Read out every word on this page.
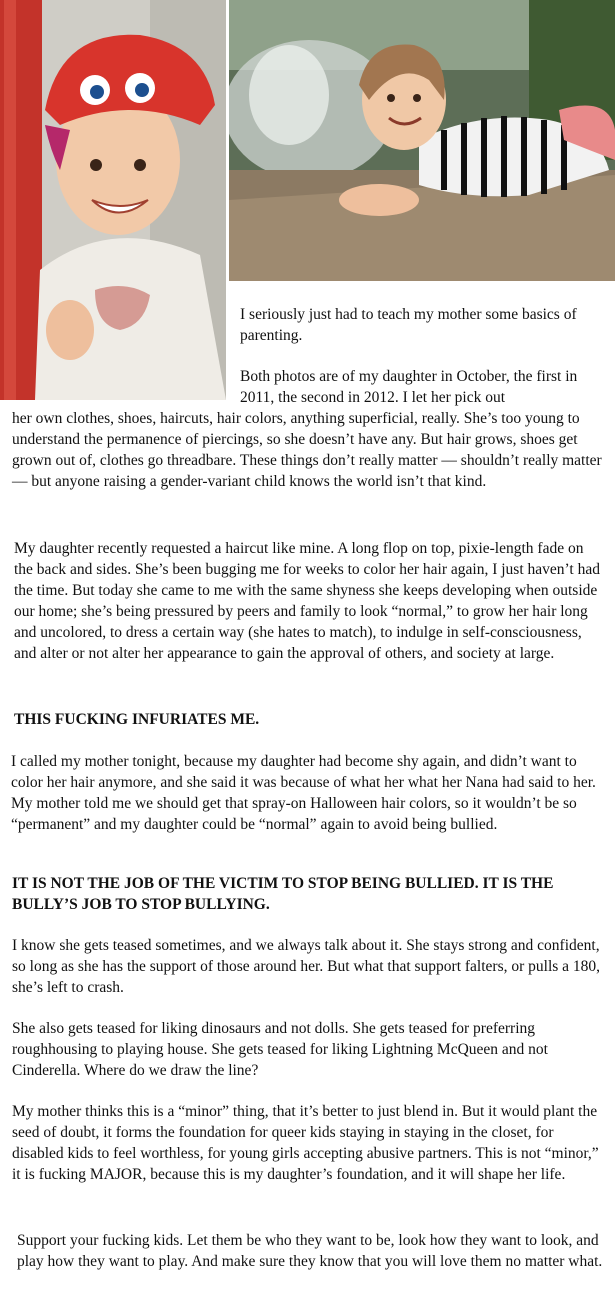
I seriously just had to teach my mother some basics of parenting.

Both photos are of my daughter in October, the first in 2011, the second in 2012. I let her pick out

her own clothes, shoes, haircuts, hair colors, anything superficial, really. She’s too young to understand the permanence of piercings, so she doesn’t have any. But hair grows, shoes get grown out of, clothes go threadbare. These things don’t really matter — shouldn’t really matter — but anyone raising a gender-variant child knows the world isn’t that kind.

My daughter recently requested a haircut like mine. A long flop on top, pixie-length fade on the back and sides. She’s been bugging me for weeks to color her hair again, I just haven’t had the time. But today she came to me with the same shyness she keeps developing when outside our home; she’s being pressured by peers and family to look “normal,” to grow her hair long and uncolored, to dress a certain way (she hates to match), to indulge in self-consciousness, and alter or not alter her appearance to gain the approval of others, and society at large.

THIS FUCKING INFURIATES ME.

I called my mother tonight, because my daughter had become shy again, and didn’t want to color her hair anymore, and she said it was because of what her what her Nana had said to her. My mother told me we should get that spray-on Halloween hair colors, so it wouldn’t be so “permanent” and my daughter could be “normal” again to avoid being bullied.

IT IS NOT THE JOB OF THE VICTIM TO STOP BEING BULLIED. IT IS THE BULLY’S JOB TO STOP BULLYING.

I know she gets teased sometimes, and we always talk about it. She stays strong and confident, so long as she has the support of those around her. But what that support falters, or pulls a 180, she’s left to crash.

She also gets teased for liking dinosaurs and not dolls. She gets teased for preferring roughhousing to playing house. She gets teased for liking Lightning McQueen and not Cinderella. Where do we draw the line?

My mother thinks this is a “minor” thing, that it’s better to just blend in. But it would plant the seed of doubt, it forms the foundation for queer kids staying in staying in the closet, for disabled kids to feel worthless, for young girls accepting abusive partners. This is not “minor,” it is fucking MAJOR, because this is my daughter’s foundation, and it will shape her life.

Support your fucking kids. Let them be who they want to be, look how they want to look, and play how they want to play. And make sure they know that you will love them no matter what.
